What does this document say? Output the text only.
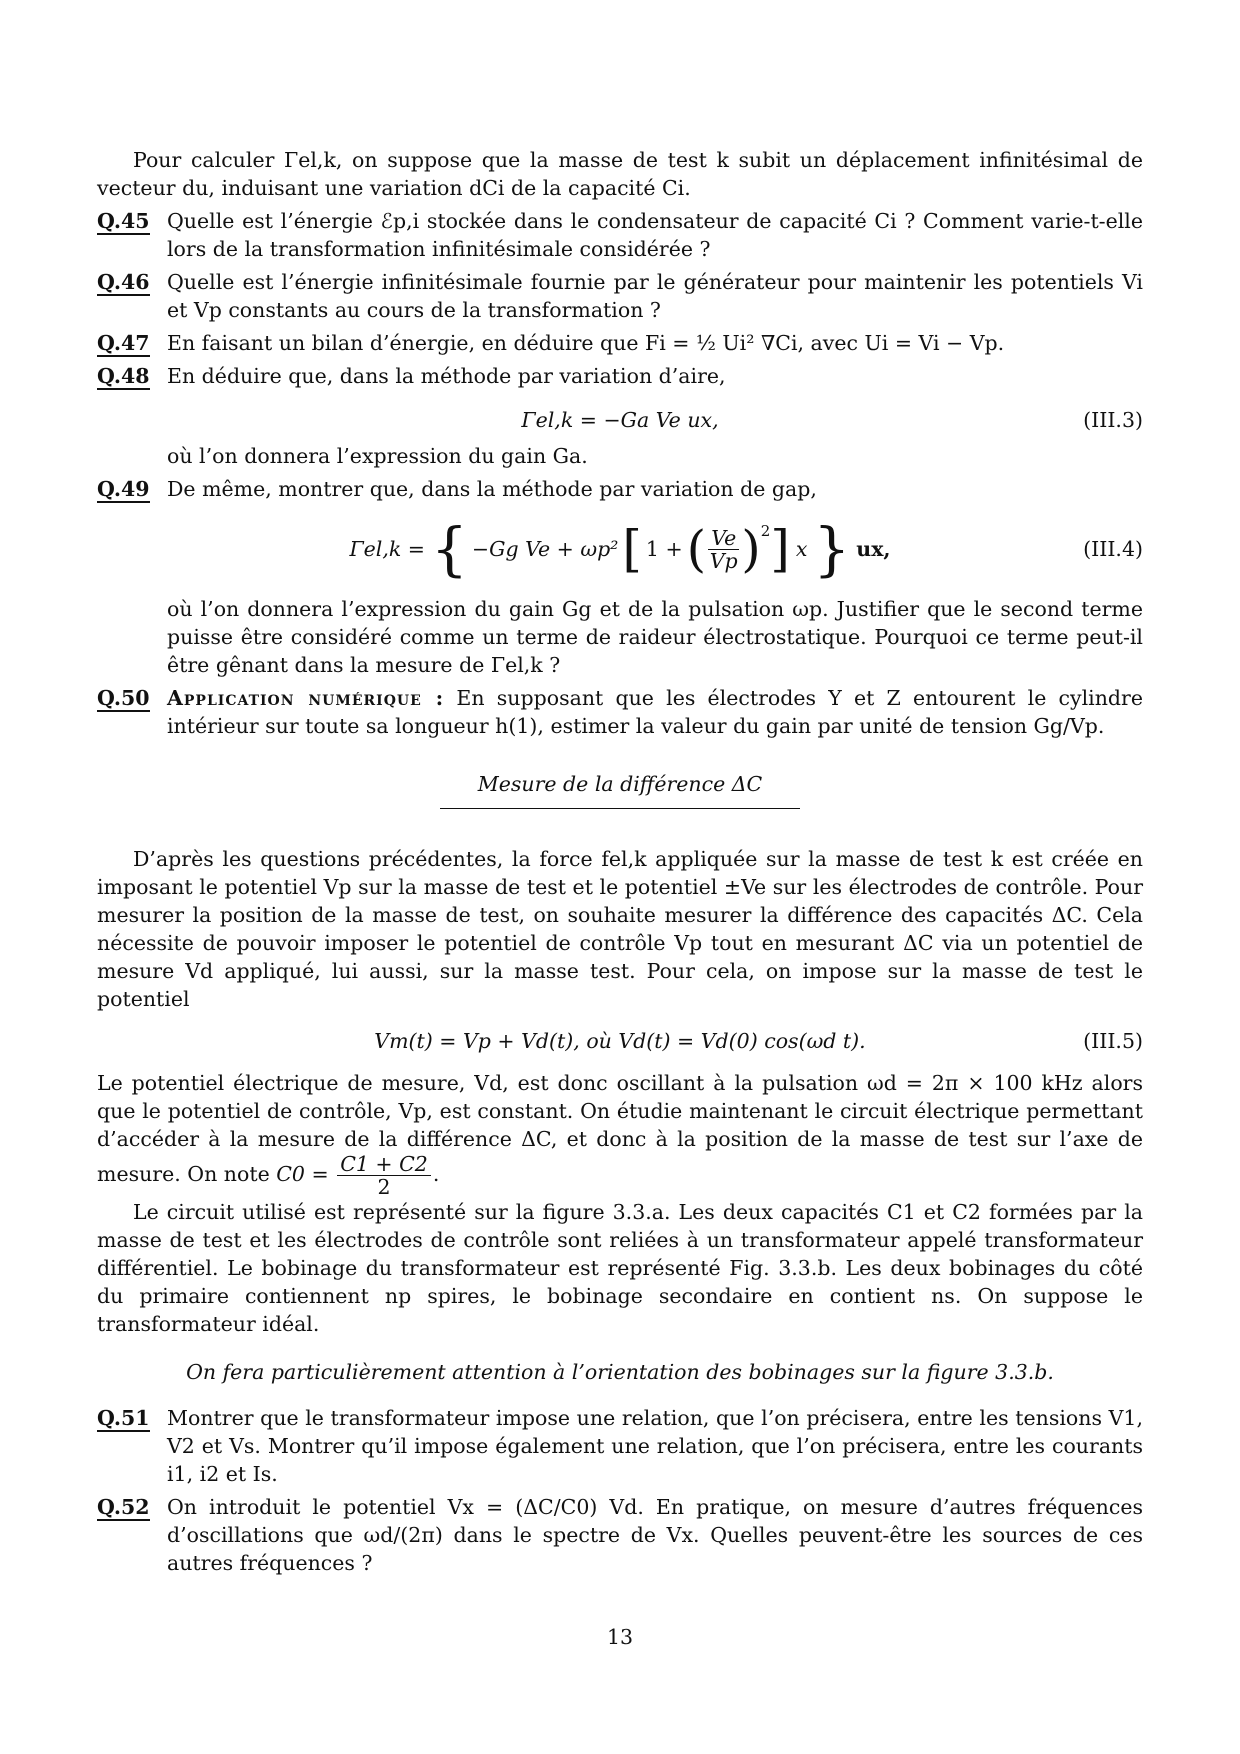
Pour calculer Γel,k, on suppose que la masse de test k subit un déplacement infinitésimal de vecteur du, induisant une variation dCi de la capacité Ci.

Q.45 Quelle est l’énergie ℰp,i stockée dans le condensateur de capacité Ci ? Comment varie-t-elle lors de la transformation infinitésimale considérée ?
Q.46 Quelle est l’énergie infinitésimale fournie par le générateur pour maintenir les potentiels Vi et Vp constants au cours de la transformation ?
Q.47 En faisant un bilan d’énergie, en déduire que Fi = ½ Ui² ∇Ci, avec Ui = Vi − Vp.
Q.48 En déduire que, dans la méthode par variation d’aire,
Γel,k = −Ga Ve ux,	(III.3)

où l’on donnera l’expression du gain Ga.

Q.49 De même, montrer que, dans la méthode par variation de gap,
Γel,k = { −Gg Ve + ωp² [ 1 + ( $\frac{Ve}{Vp} )^2$ ] x } ux,	(III.4)

où l’on donnera l’expression du gain Gg et de la pulsation ωp. Justifier que le second terme puisse être considéré comme un terme de raideur électrostatique. Pourquoi ce terme peut-il être gênant dans la mesure de Γel,k ?

Q.50 Application numérique : En supposant que les électrodes Y et Z entourent le cylindre intérieur sur toute sa longueur h(1), estimer la valeur du gain par unité de tension Gg/Vp.
Mesure de la différence ΔC

D’après les questions précédentes, la force fel,k appliquée sur la masse de test k est créée en imposant le potentiel Vp sur la masse de test et le potentiel ±Ve sur les électrodes de contrôle. Pour mesurer la position de la masse de test, on souhaite mesurer la différence des capacités ΔC. Cela nécessite de pouvoir imposer le potentiel de contrôle Vp tout en mesurant ΔC via un potentiel de mesure Vd appliqué, lui aussi, sur la masse test. Pour cela, on impose sur la masse de test le potentiel

Vm(t) = Vp + Vd(t), où Vd(t) = Vd(0) cos(ωd t).	(III.5)

Le potentiel électrique de mesure, Vd, est donc oscillant à la pulsation ωd = 2π × 100 kHz alors que le potentiel de contrôle, Vp, est constant. On étudie maintenant le circuit électrique permettant d’accéder à la mesure de la différence ΔC, et donc à la position de la masse de test sur l’axe de mesure. On note $C0 = \frac{C1 + C2}{2}$ .

Le circuit utilisé est représenté sur la figure 3.3.a. Les deux capacités C1 et C2 formées par la masse de test et les électrodes de contrôle sont reliées à un transformateur appelé transformateur différentiel. Le bobinage du transformateur est représenté Fig. 3.3.b. Les deux bobinages du côté du primaire contiennent np spires, le bobinage secondaire en contient ns. On suppose le transformateur idéal.

On fera particulièrement attention à l’orientation des bobinages sur la figure 3.3.b.

Q.51 Montrer que le transformateur impose une relation, que l’on précisera, entre les tensions V1, V2 et Vs. Montrer qu’il impose également une relation, que l’on précisera, entre les courants i1, i2 et Is.
Q.52 On introduit le potentiel Vx = (ΔC/C0) Vd. En pratique, on mesure d’autres fréquences d’oscillations que ωd/(2π) dans le spectre de Vx. Quelles peuvent-être les sources de ces autres fréquences ?
13
